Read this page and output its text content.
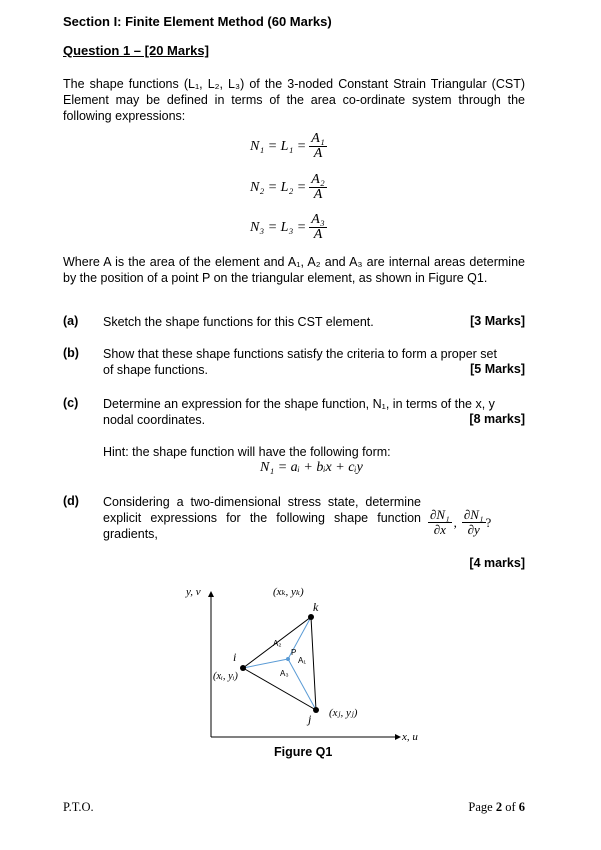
Section I: Finite Element Method (60 Marks)
Question 1 – [20 Marks]
The shape functions (L₁, L₂, L₃) of the 3-noded Constant Strain Triangular (CST) Element may be defined in terms of the area co-ordinate system through the following expressions:
$N_1 = L_1 = \frac{\text{A₁}}{A}$
$N_2 = L_2 = \frac{\text{A₂}}{A}$
$N_3 = L_3 = \frac{\text{A₃}}{A}$
Where A is the area of the element and A₁, A₂ and A₃ are internal areas determine by the position of a point P on the triangular element, as shown in Figure Q1.
(a) Sketch the shape functions for this CST element.	[3 Marks]
(b) Show that these shape functions satisfy the criteria to form a proper set of shape functions.	[5 Marks]
(c) Determine an expression for the shape function, N₁, in terms of the x, y nodal coordinates.	[8 marks]
Hint: the shape function will have the following form:
N₁ = aᵢ + bᵢx + cᵢy
(d) Considering a two-dimensional stress state, determine explicit expressions for the following shape function gradients,	$\frac{\text{∂N₁}}{\partial x}$ , $\frac{\text{∂N₁}}{\partial y}$ ?
[4 marks]
y, v
x, u
(xₖ, yₖ)
k
i
(xᵢ, yᵢ)
j (xⱼ, yⱼ)
P
A₁
A₂
A₃
Figure Q1
P.T.O.	Page 2 of 6
